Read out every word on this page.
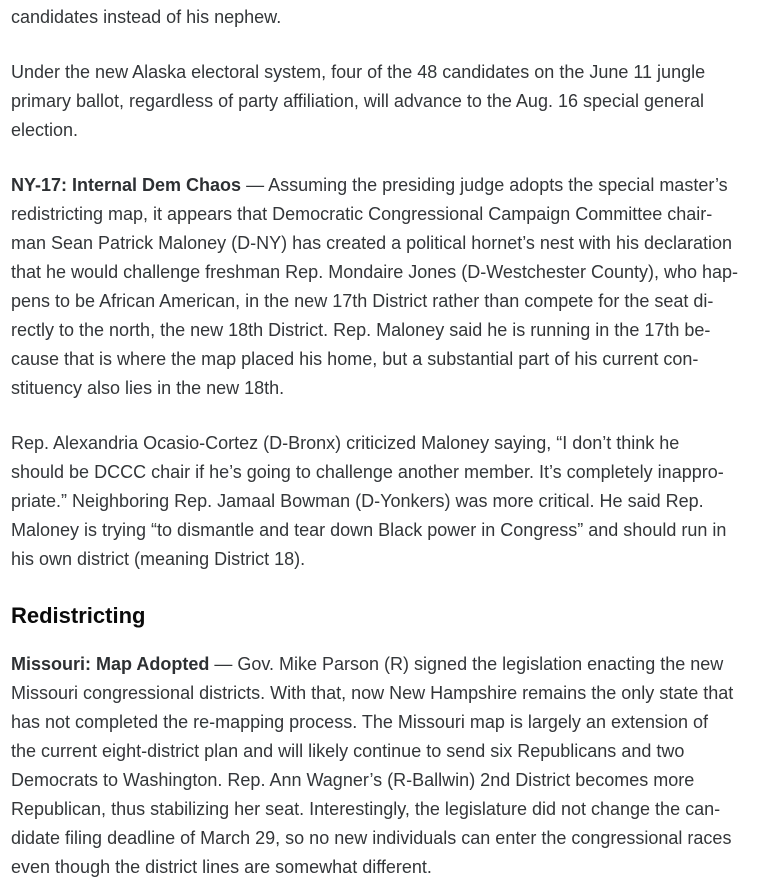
candidates instead of his nephew.
Under the new Alaska electoral system, four of the 48 candidates on the June 11 jungle
primary ballot, regardless of party affiliation, will advance to the Aug. 16 special general
election.
NY-17: Internal Dem Chaos — Assuming the presiding judge adopts the special master’s
redistricting map, it appears that Democratic Congressional Campaign Committee chair-
man Sean Patrick Maloney (D-NY) has created a political hornet’s nest with his declaration
that he would challenge freshman Rep. Mondaire Jones (D-Westchester County), who hap-
pens to be African American, in the new 17th District rather than compete for the seat di-
rectly to the north, the new 18th District. Rep. Maloney said he is running in the 17th be-
cause that is where the map placed his home, but a substantial part of his current con-
stituency also lies in the new 18th.
Rep. Alexandria Ocasio-Cortez (D-Bronx) criticized Maloney saying, “I don’t think he
should be DCCC chair if he’s going to challenge another member. It’s completely inappro-
priate.” Neighboring Rep. Jamaal Bowman (D-Yonkers) was more critical. He said Rep.
Maloney is trying “to dismantle and tear down Black power in Congress” and should run in
his own district (meaning District 18).
Redistricting
Missouri: Map Adopted — Gov. Mike Parson (R) signed the legislation enacting the new
Missouri congressional districts. With that, now New Hampshire remains the only state that
has not completed the re-mapping process. The Missouri map is largely an extension of
the current eight-district plan and will likely continue to send six Republicans and two
Democrats to Washington. Rep. Ann Wagner’s (R-Ballwin) 2nd District becomes more
Republican, thus stabilizing her seat. Interestingly, the legislature did not change the can-
didate filing deadline of March 29, so no new individuals can enter the congressional races
even though the district lines are somewhat different.
